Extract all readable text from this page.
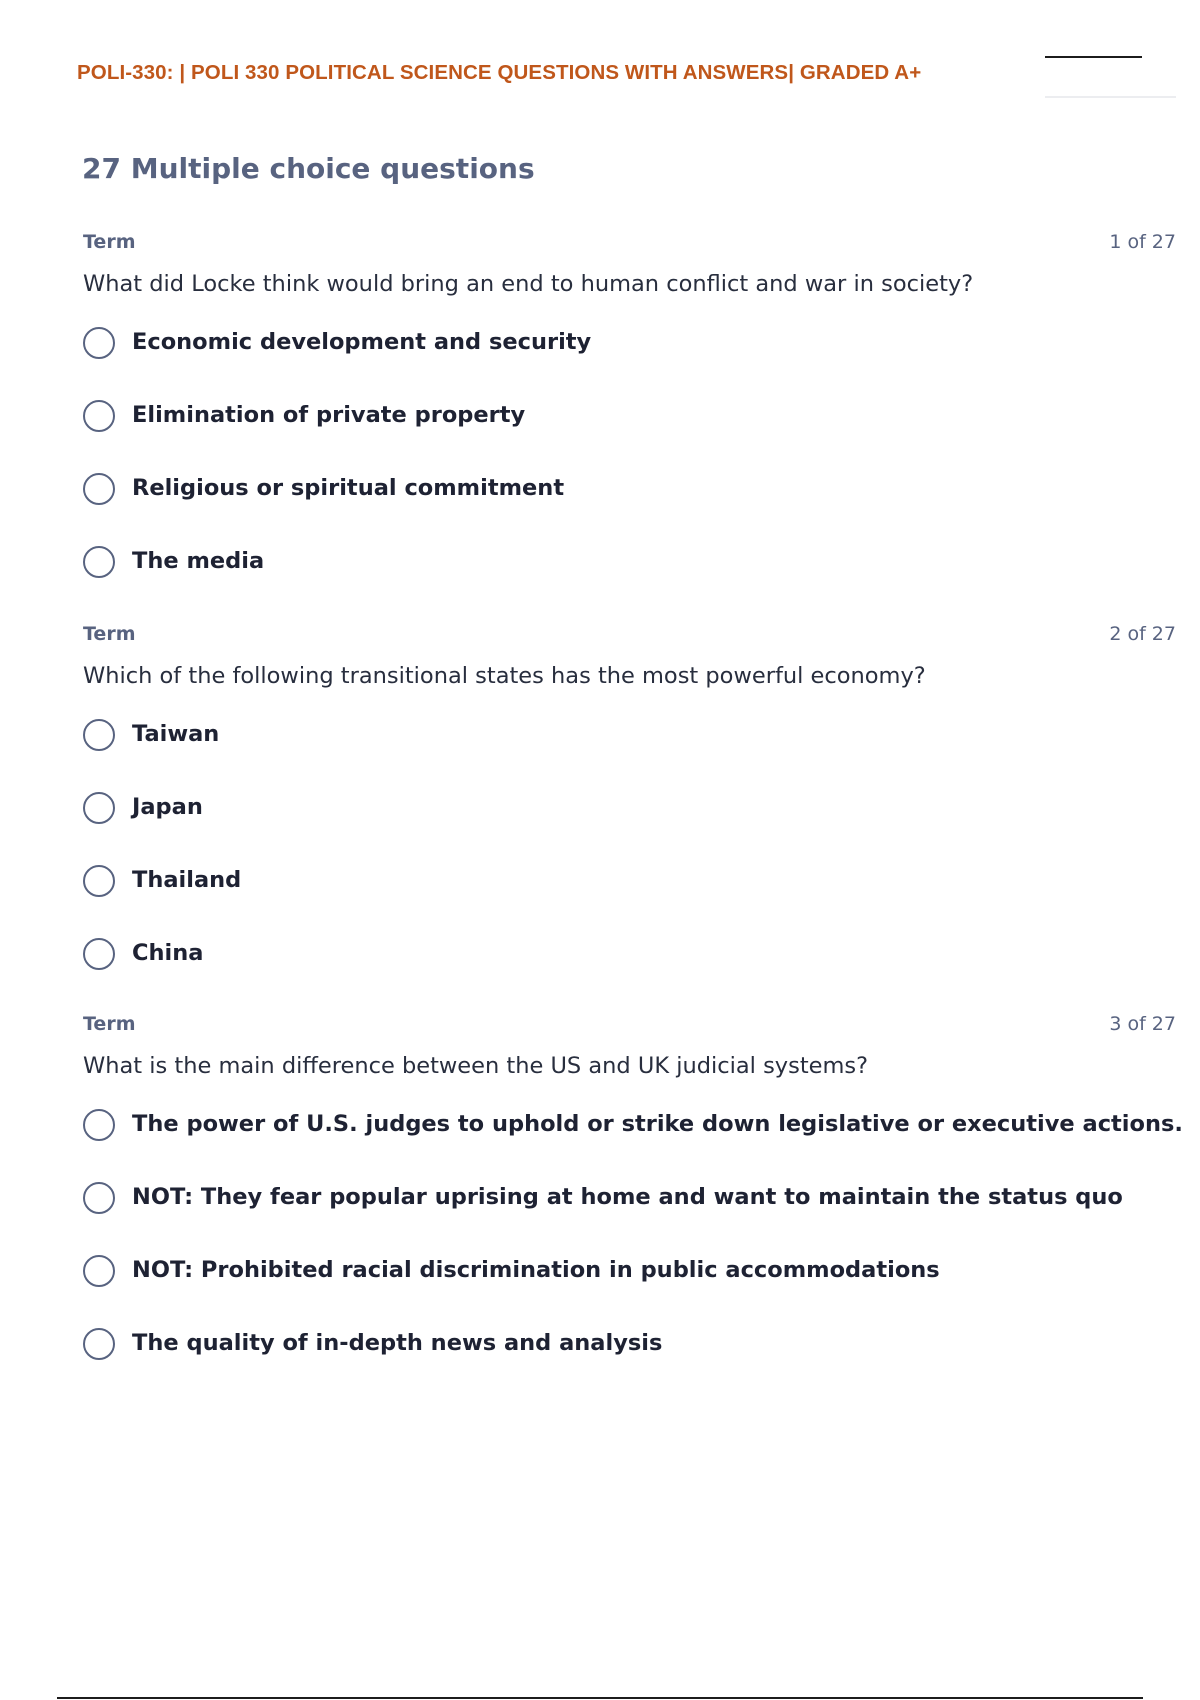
POLI-330: | POLI 330 POLITICAL SCIENCE QUESTIONS WITH ANSWERS| GRADED A+
27 Multiple choice questions
Term	1 of 27
What did Locke think would bring an end to human conflict and war in society?
Economic development and security
Elimination of private property
Religious or spiritual commitment
The media
Term	2 of 27
Which of the following transitional states has the most powerful economy?
Taiwan
Japan
Thailand
China
Term	3 of 27
What is the main difference between the US and UK judicial systems?
The power of U.S. judges to uphold or strike down legislative or executive actions.
NOT: They fear popular uprising at home and want to maintain the status quo
NOT: Prohibited racial discrimination in public accommodations
The quality of in-depth news and analysis
